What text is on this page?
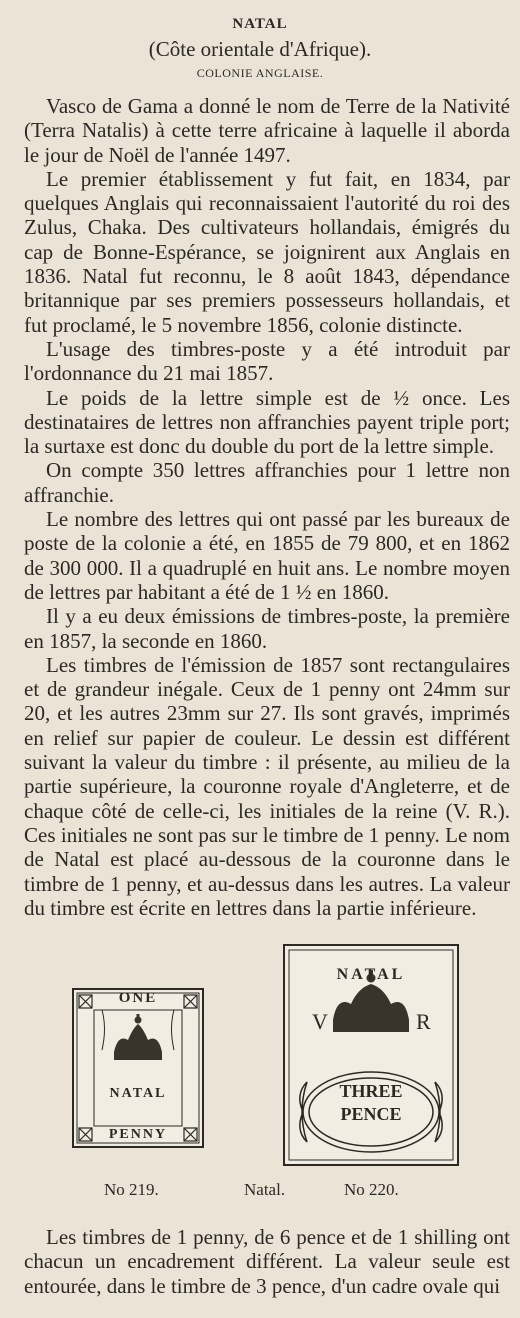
NATAL
(Côte orientale d'Afrique).
COLONIE ANGLAISE.

Vasco de Gama a donné le nom de Terre de la Nativité (Terra Natalis) à cette terre africaine à laquelle il aborda le jour de Noël de l'année 1497.

Le premier établissement y fut fait, en 1834, par quelques Anglais qui reconnaissaient l'autorité du roi des Zulus, Chaka. Des cultivateurs hollandais, émigrés du cap de Bonne-Espérance, se joignirent aux Anglais en 1836. Natal fut reconnu, le 8 août 1843, dépendance britannique par ses premiers possesseurs hollandais, et fut proclamé, le 5 novembre 1856, colonie distincte.

L'usage des timbres-poste y a été introduit par l'ordonnance du 21 mai 1857.

Le poids de la lettre simple est de ½ once. Les destinataires de lettres non affranchies payent triple port; la surtaxe est donc du double du port de la lettre simple.

On compte 350 lettres affranchies pour 1 lettre non affranchie.

Le nombre des lettres qui ont passé par les bureaux de poste de la colonie a été, en 1855 de 79 800, et en 1862 de 300 000. Il a quadruplé en huit ans. Le nombre moyen de lettres par habitant a été de 1 ½ en 1860.

Il y a eu deux émissions de timbres-poste, la première en 1857, la seconde en 1860.

Les timbres de l'émission de 1857 sont rectangulaires et de grandeur inégale. Ceux de 1 penny ont 24mm sur 20, et les autres 23mm sur 27. Ils sont gravés, imprimés en relief sur papier de couleur. Le dessin est différent suivant la valeur du timbre : il présente, au milieu de la partie supérieure, la couronne royale d'Angleterre, et de chaque côté de celle-ci, les initiales de la reine (V. R.). Ces initiales ne sont pas sur le timbre de 1 penny. Le nom de Natal est placé au-dessous de la couronne dans le timbre de 1 penny, et au-dessus dans les autres. La valeur du timbre est écrite en lettres dans la partie inférieure.

ONE
NATAL
PENNY
NATAL
V	R
THREE
PENCE
No 219.	Natal.	No 220.

Les timbres de 1 penny, de 6 pence et de 1 shilling ont chacun un encadrement différent. La valeur seule est entourée, dans le timbre de 3 pence, d'un cadre ovale qui
